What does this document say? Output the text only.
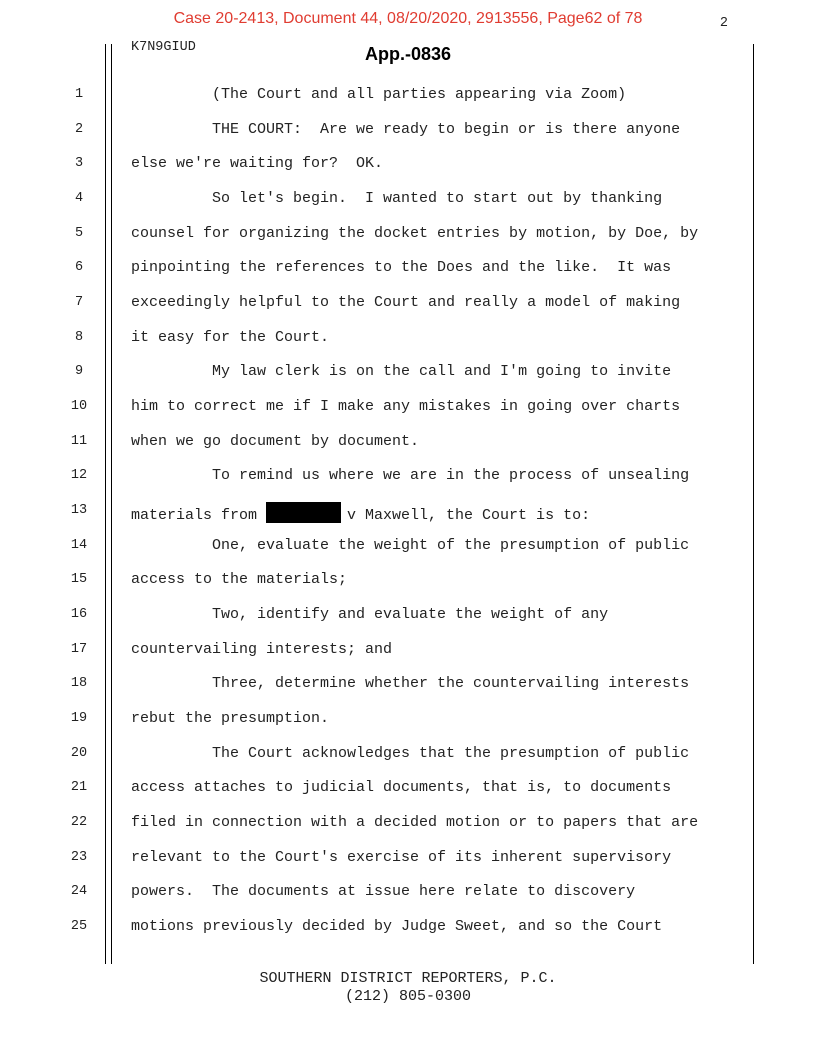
Case 20-2413, Document 44, 08/20/2020, 2913556, Page62 of 78	2
K7N9GIUD	App.-0836
1
2
3
4
5
6
7
8
9
10
11
12
13
14
15
16
17
18
19
20
21
22
23
24
25
(The Court and all parties appearing via Zoom)
THE COURT:  Are we ready to begin or is there anyone
else we're waiting for?  OK.
So let's begin.  I wanted to start out by thanking
counsel for organizing the docket entries by motion, by Doe, by
pinpointing the references to the Does and the like.  It was
exceedingly helpful to the Court and really a model of making
it easy for the Court.
My law clerk is on the call and I'm going to invite
him to correct me if I make any mistakes in going over charts
when we go document by document.
To remind us where we are in the process of unsealing
materials from	v Maxwell, the Court is to:
One, evaluate the weight of the presumption of public
access to the materials;
Two, identify and evaluate the weight of any
countervailing interests; and
Three, determine whether the countervailing interests
rebut the presumption.
The Court acknowledges that the presumption of public
access attaches to judicial documents, that is, to documents
filed in connection with a decided motion or to papers that are
relevant to the Court's exercise of its inherent supervisory
powers.  The documents at issue here relate to discovery
motions previously decided by Judge Sweet, and so the Court
SOUTHERN DISTRICT REPORTERS, P.C.
(212) 805-0300
